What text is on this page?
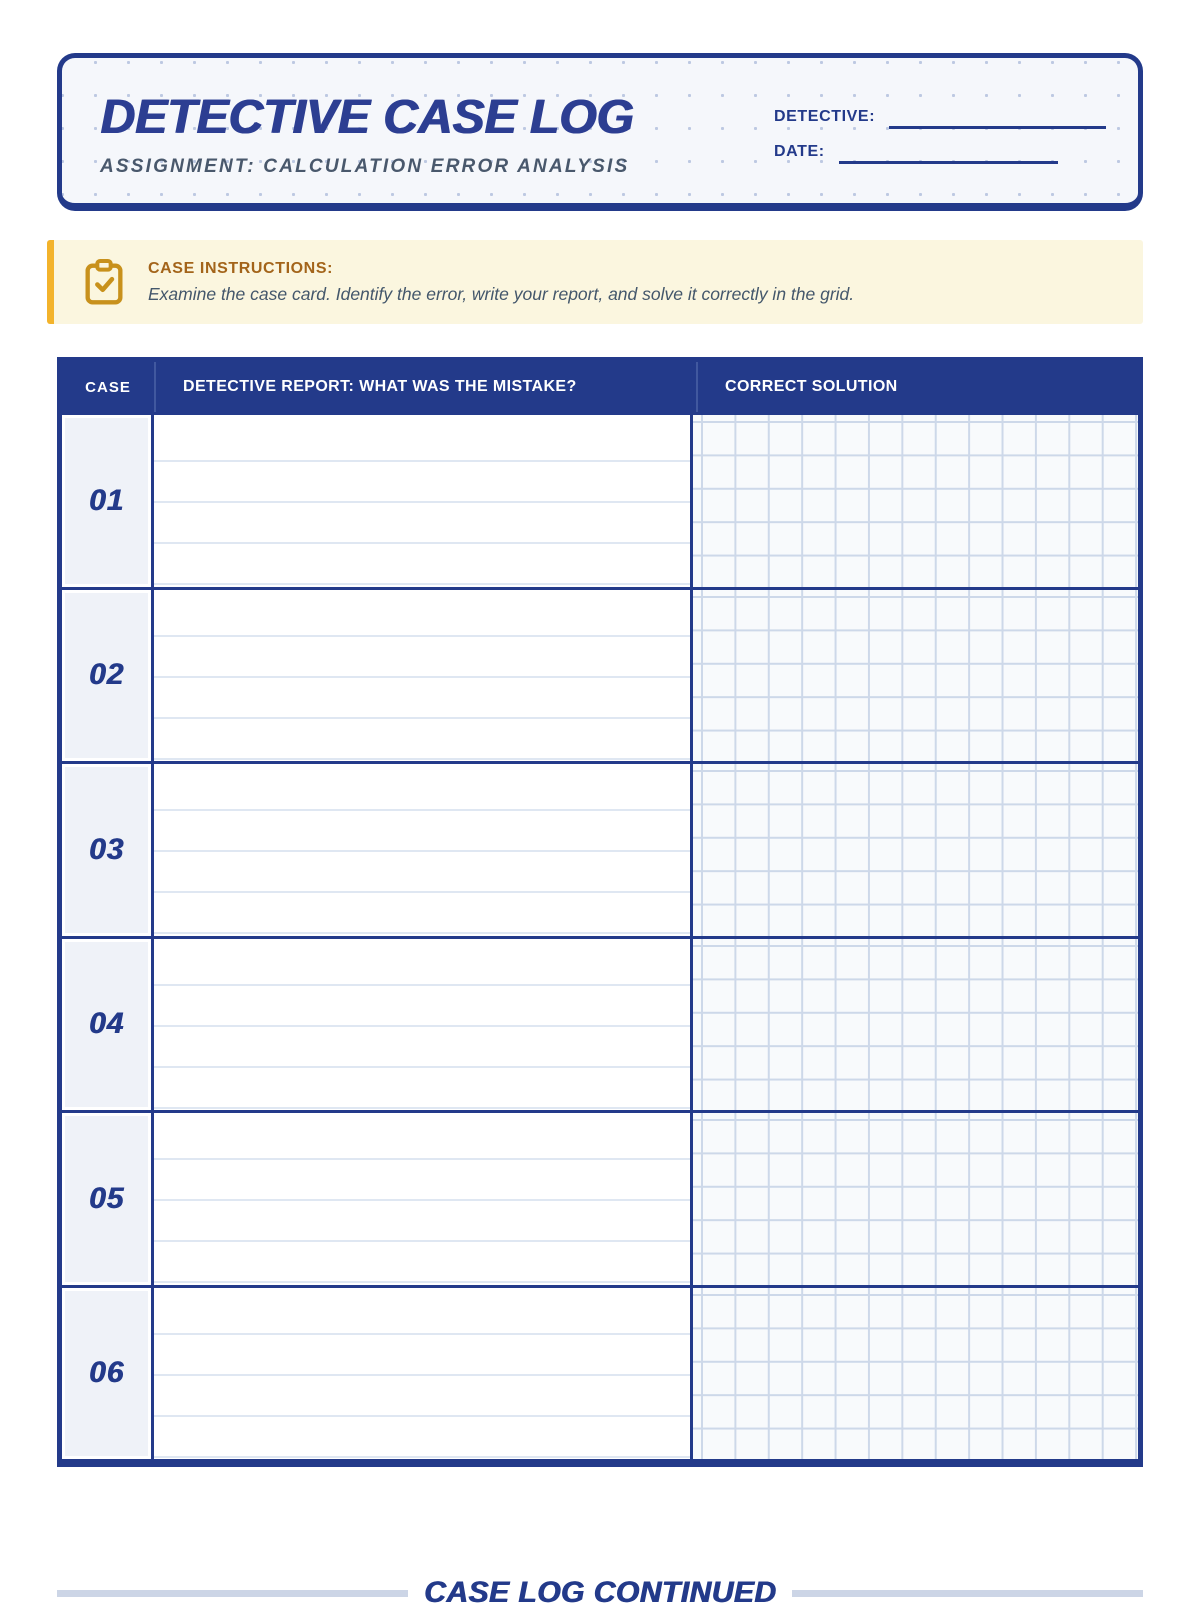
DETECTIVE CASE LOG
ASSIGNMENT: CALCULATION ERROR ANALYSIS
DETECTIVE:
DATE:
CASE INSTRUCTIONS:
Examine the case card. Identify the error, write your report, and solve it correctly in the grid.
CASE	DETECTIVE REPORT: WHAT WAS THE MISTAKE?	CORRECT SOLUTION
01
02
03
04
05
06
CASE LOG CONTINUED
